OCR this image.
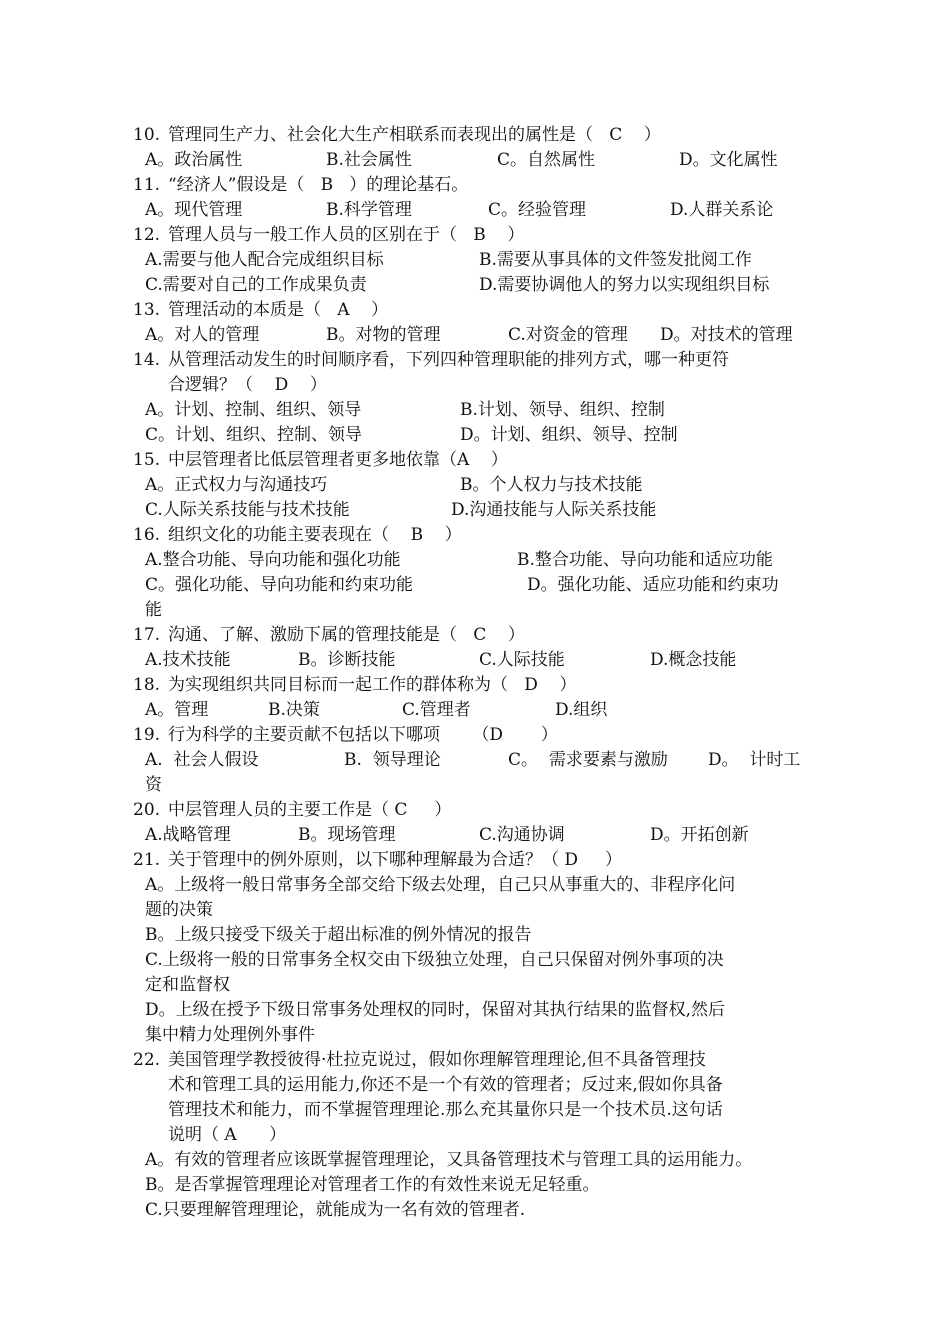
10. 管理同生产力、社会化大生产相联系而表现出的属性是（   C    ）
A。政治属性	B.社会属性	C。自然属性	D。文化属性
11. “经济人”假设是（   B   ）的理论基石。
A。现代管理	B.科学管理	C。经验管理	D.人群关系论
12. 管理人员与一般工作人员的区别在于（   B    ）
A.需要与他人配合完成组织目标	B.需要从事具体的文件签发批阅工作
C.需要对自己的工作成果负责	D.需要协调他人的努力以实现组织目标
13. 管理活动的本质是（   A    ）
A。对人的管理	B。对物的管理	C.对资金的管理 D。对技术的管理
14. 从管理活动发生的时间顺序看，下列四种管理职能的排列方式，哪一种更符
合逻辑？（    D    ）
A。计划、控制、组织、领导	B.计划、领导、组织、控制
C。计划、组织、控制、领导	D。计划、组织、领导、控制
15. 中层管理者比低层管理者更多地依靠（A    ）
A。正式权力与沟通技巧	B。个人权力与技术技能
C.人际关系技能与技术技能	D.沟通技能与人际关系技能
16. 组织文化的功能主要表现在（    B    ）
A.整合功能、导向功能和强化功能	B.整合功能、导向功能和适应功能
C。强化功能、导向功能和约束功能	D。强化功能、适应功能和约束功
能
17. 沟通、了解、激励下属的管理技能是（   C    ）
A.技术技能	B。诊断技能	C.人际技能	D.概念技能
18. 为实现组织共同目标而一起工作的群体称为（   D    ）
A。管理	B.决策	C.管理者	D.组织
19. 行为科学的主要贡献不包括以下哪项      （D       ）
A.  社会人假设	B.  领导理论	C。  需求要素与激励 D。  计时工
资
20. 中层管理人员的主要工作是（ C     ）
A.战略管理	B。现场管理	C.沟通协调	D。开拓创新
21. 关于管理中的例外原则，以下哪种理解最为合适？（ D     ）
A。上级将一般日常事务全部交给下级去处理，自己只从事重大的、非程序化问
题的决策
B。上级只接受下级关于超出标准的例外情况的报告
C.上级将一般的日常事务全权交由下级独立处理，自己只保留对例外事项的决
定和监督权
D。上级在授予下级日常事务处理权的同时，保留对其执行结果的监督权,然后
集中精力处理例外事件
22. 美国管理学教授彼得·杜拉克说过，假如你理解管理理论,但不具备管理技
术和管理工具的运用能力,你还不是一个有效的管理者；反过来,假如你具备
管理技术和能力，而不掌握管理理论.那么充其量你只是一个技术员.这句话
说明（ A      ）
A。有效的管理者应该既掌握管理理论，又具备管理技术与管理工具的运用能力。
B。是否掌握管理理论对管理者工作的有效性来说无足轻重。
C.只要理解管理理论，就能成为一名有效的管理者.
